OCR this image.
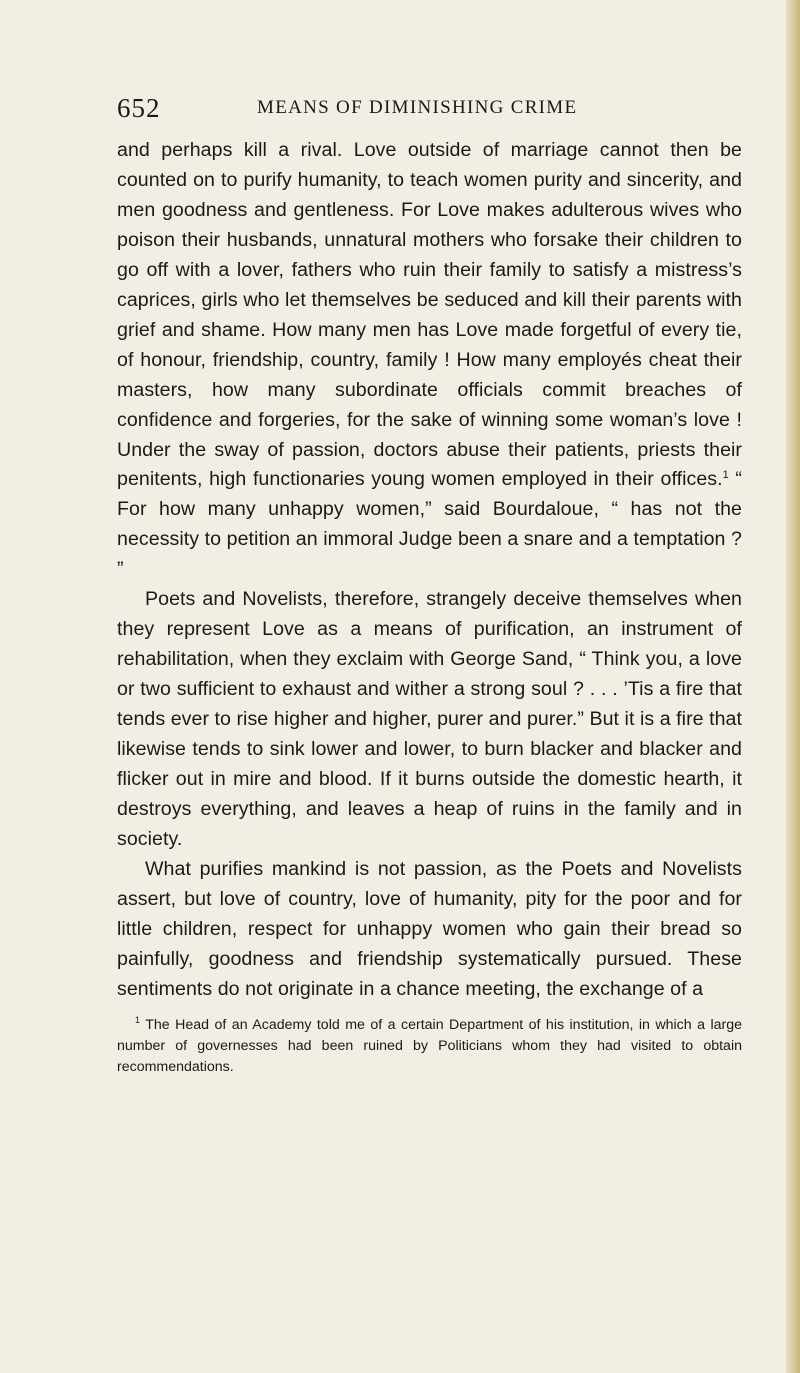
652	MEANS OF DIMINISHING CRIME

and perhaps kill a rival. Love outside of marriage cannot then be counted on to purify humanity, to teach women purity and sincerity, and men goodness and gentleness. For Love makes adulterous wives who poison their husbands, unnatural mothers who forsake their children to go off with a lover, fathers who ruin their family to satisfy a mistress’s caprices, girls who let themselves be seduced and kill their parents with grief and shame. How many men has Love made forgetful of every tie, of honour, friendship, country, family ! How many employés cheat their masters, how many subordinate officials commit breaches of confidence and forgeries, for the sake of winning some woman’s love ! Under the sway of passion, doctors abuse their patients, priests their penitents, high functionaries young women employed in their offices.$^1$ “ For how many unhappy women,” said Bourdaloue, “ has not the necessity to petition an immoral Judge been a snare and a temptation ? ”

Poets and Novelists, therefore, strangely deceive themselves when they represent Love as a means of purification, an instrument of rehabilitation, when they exclaim with George Sand, “ Think you, a love or two sufficient to exhaust and wither a strong soul ? . . . ’Tis a fire that tends ever to rise higher and higher, purer and purer.” But it is a fire that likewise tends to sink lower and lower, to burn blacker and blacker and flicker out in mire and blood. If it burns outside the domestic hearth, it destroys everything, and leaves a heap of ruins in the family and in society.

What purifies mankind is not passion, as the Poets and Novelists assert, but love of country, love of humanity, pity for the poor and for little children, respect for unhappy women who gain their bread so painfully, goodness and friendship systematically pursued. These sentiments do not originate in a chance meeting, the exchange of a

$^1$ The Head of an Academy told me of a certain Department of his institution, in which a large number of governesses had been ruined by Politicians whom they had visited to obtain recommendations.
